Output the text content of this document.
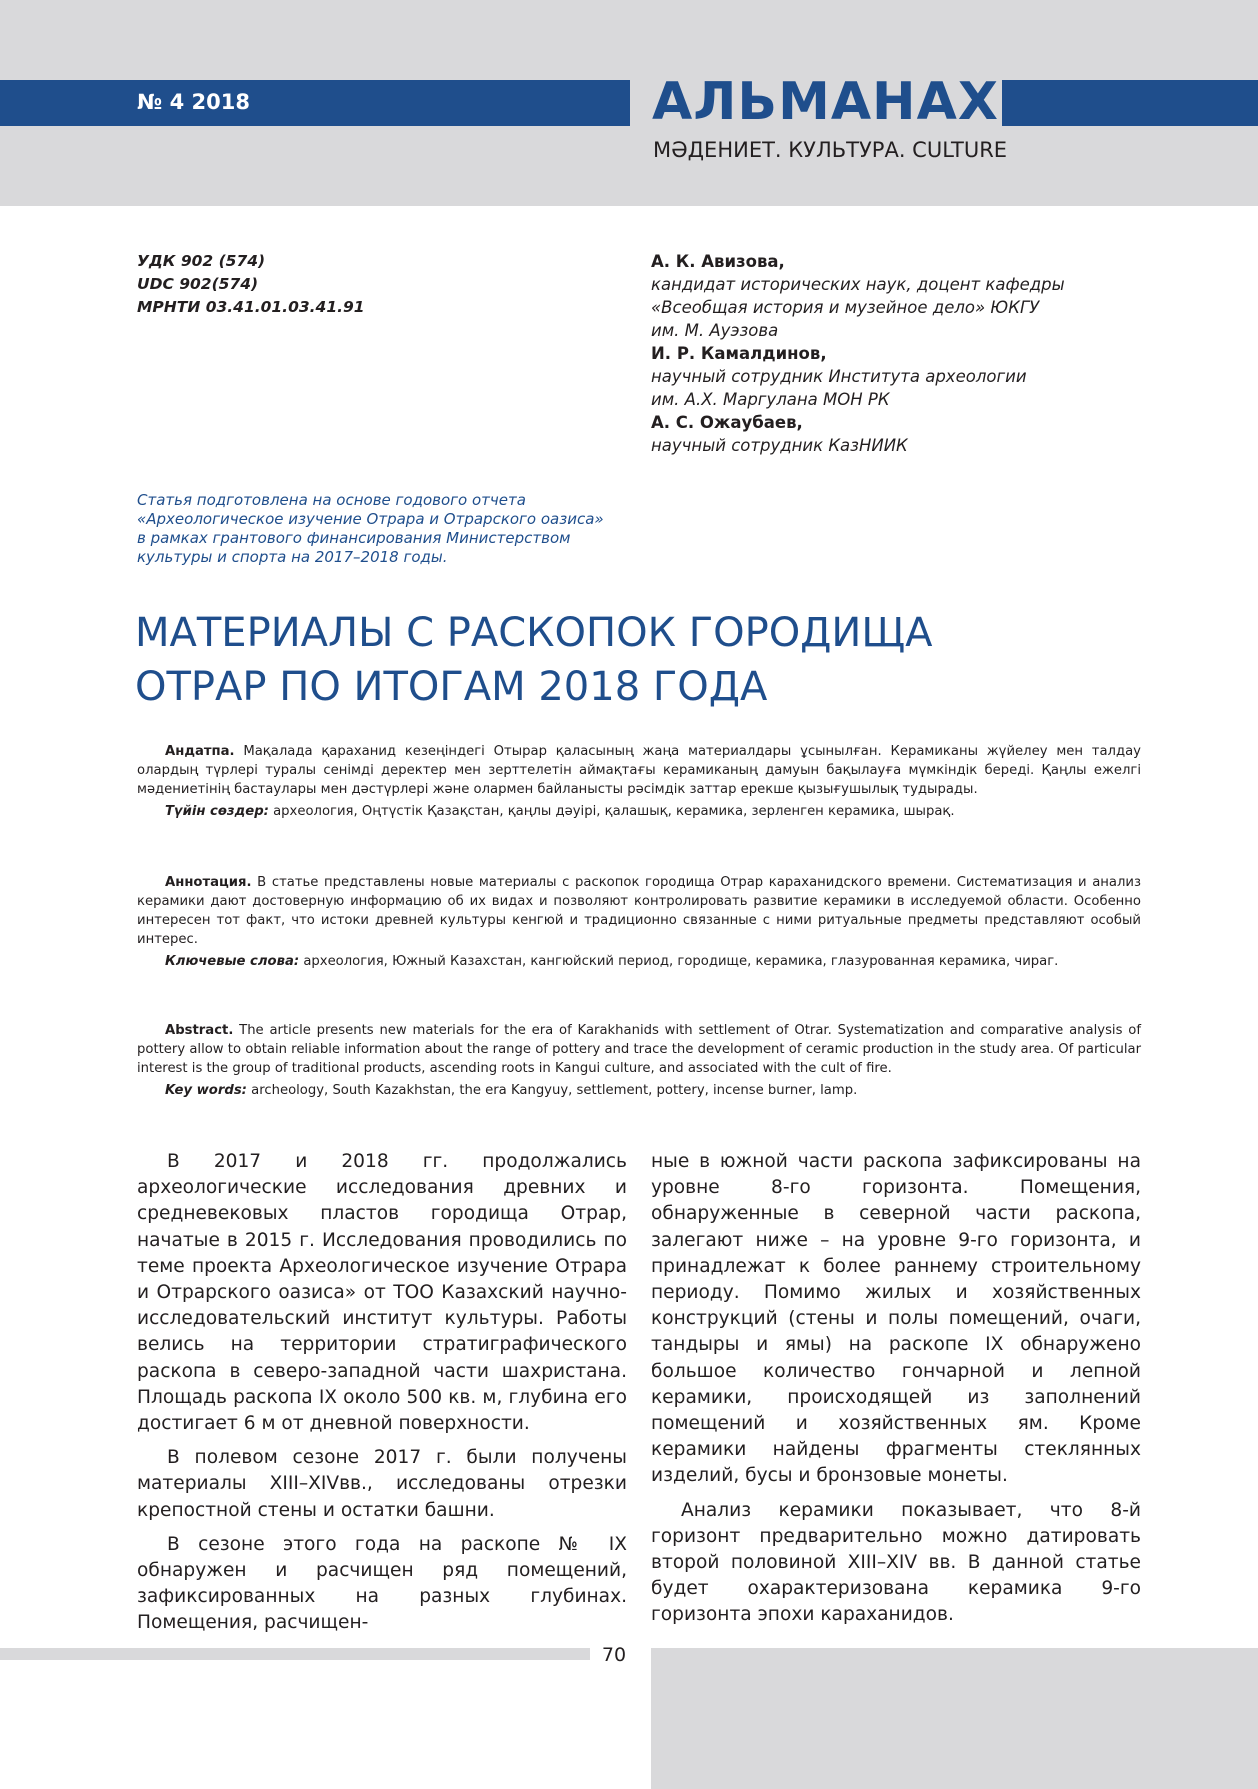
№ 4 2018	АЛЬМАНАХ
МӘДЕНИЕТ. КУЛЬТУРА. CULTURE
УДК 902 (574)
UDC 902(574)
МРНТИ 03.41.01.03.41.91
А. К. Авизова,
кандидат исторических наук, доцент кафедры
«Всеобщая история и музейное дело» ЮКГУ
им. М. Ауэзова
И. Р. Камалдинов,
научный сотрудник Института археологии
им. А.Х. Маргулана МОН РК
А. С. Ожаубаев,
научный сотрудник КазНИИК
Статья подготовлена на основе годового отчета
«Археологическое изучение Отрара и Отрарского оазиса»
в рамках грантового финансирования Министерством
культуры и спорта на 2017–2018 годы.
МАТЕРИАЛЫ С РАСКОПОК ГОРОДИЩА
ОТРАР ПО ИТОГАМ 2018 ГОДА
Андатпа. Мақалада қараханид кезеңіндегі Отырар қаласының жаңа материалдары ұсынылған. Керамиканы жүйелеу мен талдау олардың түрлері туралы сенімді деректер мен зерттелетін аймақтағы керамиканың дамуын бақылауға мүмкіндік береді. Қаңлы ежелгі мәдениетінің бастаулары мен дәстүрлері және олармен байланысты рәсімдік заттар ерекше қызығушылық тудырады.
Түйін сөздер: археология, Оңтүстік Қазақстан, қаңлы дәуірі, қалашық, керамика, зерленген керамика, шырақ.
Аннотация. В статье представлены новые материалы с раскопок городища Отрар караханидского времени. Систематизация и анализ керамики дают достоверную информацию об их видах и позволяют контролировать развитие керамики в исследуемой области. Особенно интересен тот факт, что истоки древней культуры кенгюй и традиционно связанные с ними ритуальные предметы представляют особый интерес.
Ключевые слова: археология, Южный Казахстан, кангюйский период, городище, керамика, глазурованная керамика, чираг.
Abstract. The article presents new materials for the era of Karakhanids with settlement of Otrar. Systematization and comparative analysis of pottery allow to obtain reliable information about the range of pottery and trace the development of ceramic production in the study area. Of particular interest is the group of traditional products, ascending roots in Kangui culture, and associated with the cult of fire.
Key words: archeology, South Kazakhstan, the era Kangyuy, settlement, pottery, incense burner, lamp.

В 2017 и 2018 гг. продолжались археологические исследования древних и средневековых пластов городища Отрар, начатые в 2015 г. Исследования проводились по теме проекта Археологическое изучение Отрара и Отрарского оазиса» от ТОО Казахский научно-исследовательский институт культуры. Работы велись на территории стратиграфического раскопа в северо-западной части шахристана. Площадь раскопа IX около 500 кв. м, глубина его достигает 6 м от дневной поверхности.

В полевом сезоне 2017 г. были получены материалы XIII–XIVвв., исследованы отрезки крепостной стены и остатки башни.

В сезоне этого года на раскопе № IX обнаружен и расчищен ряд помещений, зафиксированных на разных глубинах. Помещения, расчищен-

ные в южной части раскопа зафиксированы на уровне 8-го горизонта. Помещения, обнаруженные в северной части раскопа, залегают ниже – на уровне 9-го горизонта, и принадлежат к более раннему строительному периоду. Помимо жилых и хозяйственных конструкций (стены и полы помещений, очаги, тандыры и ямы) на раскопе IX обнаружено большое количество гончарной и лепной керамики, происходящей из заполнений помещений и хозяйственных ям. Кроме керамики найдены фрагменты стеклянных изделий, бусы и бронзовые монеты.

Анализ керамики показывает, что 8-й горизонт предварительно можно датировать второй половиной XIII–XIV вв. В данной статье будет охарактеризована керамика 9-го горизонта эпохи караханидов.

70
